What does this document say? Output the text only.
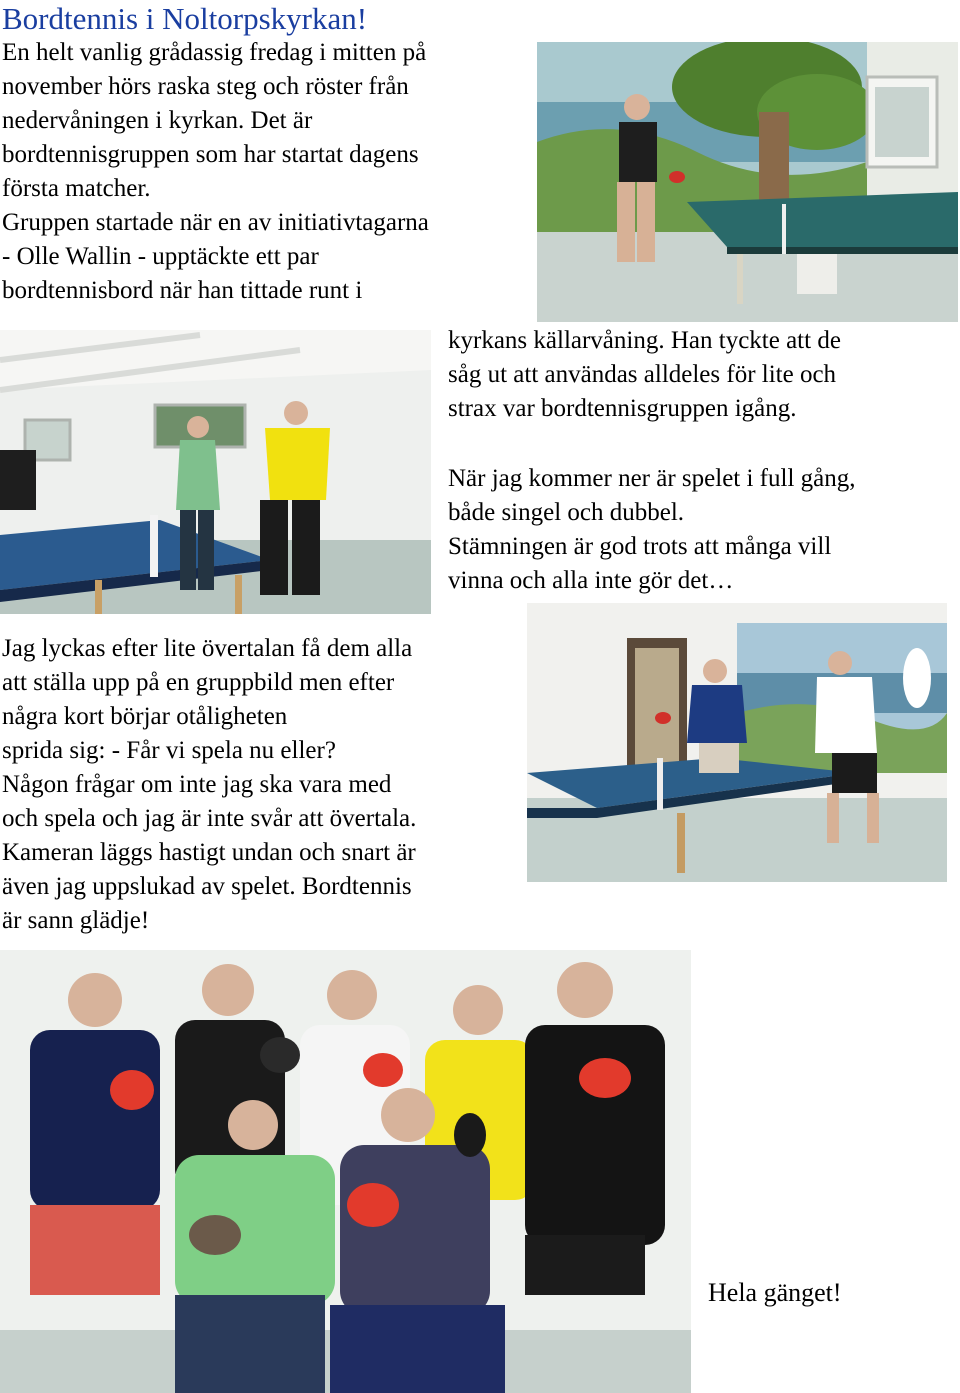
Bordtennis i Noltorpskyrkan!
En helt vanlig grådassig fredag i mitten på
november hörs raska steg och röster från
nedervåningen i kyrkan. Det är
bordtennisgruppen som har startat dagens
första matcher.
Gruppen startade när en av initiativtagarna
- Olle Wallin - upptäckte ett par
bordtennisbord när han tittade runt i
kyrkans källarvåning. Han tyckte att de
såg ut att användas alldeles för lite och
strax var bordtennisgruppen igång.
När jag kommer ner är spelet i full gång,
både singel och dubbel.
Stämningen är god trots att många vill
vinna och alla inte gör det…
Jag lyckas efter lite övertalan få dem alla
att ställa upp på en gruppbild men efter
några kort börjar otåligheten
sprida sig: - Får vi spela nu eller?
Någon frågar om inte jag ska vara med
och spela och jag är inte svår att övertala.
Kameran läggs hastigt undan och snart är
även jag uppslukad av spelet. Bordtennis
är sann glädje!
Hela gänget!
